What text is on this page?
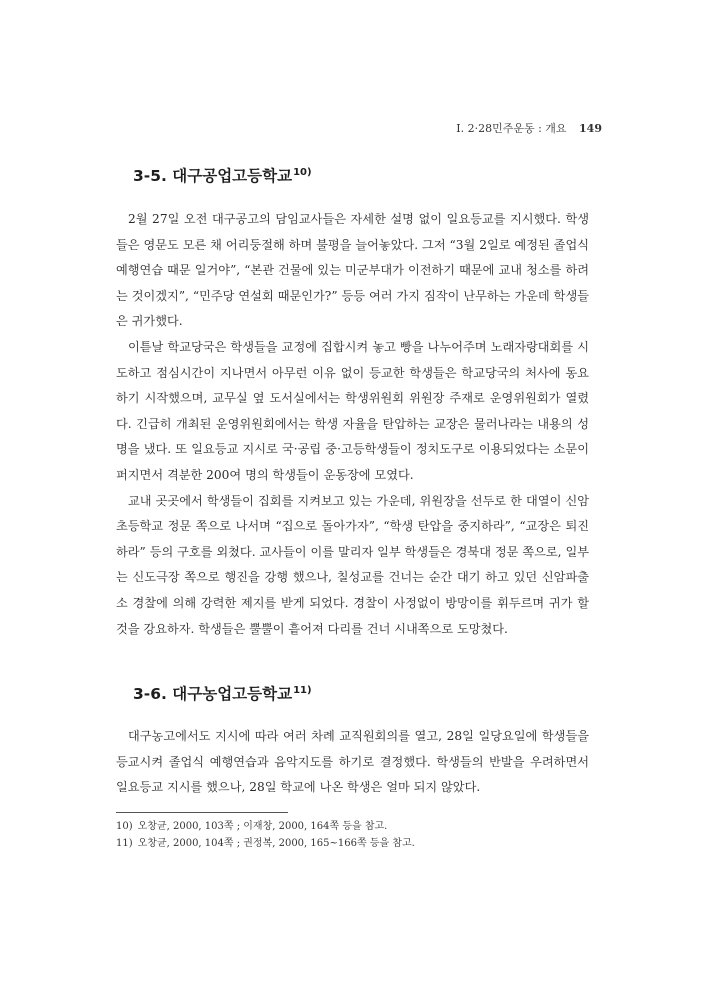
Ⅰ. 2·28민주운동 : 개요 149
3-5. 대구공업고등학교$^{10)}$

2월 27일 오전 대구공고의 담임교사들은 자세한 설명 없이 일요등교를 지시했다. 학생들은 영문도 모른 채 어리둥절해 하며 불평을 늘어놓았다. 그저 “3월 2일로 예정된 졸업식 예행연습 때문 일거야”, “본관 건물에 있는 미군부대가 이전하기 때문에 교내 청소를 하려는 것이겠지”, “민주당 연설회 때문인가?” 등등 여러 가지 짐작이 난무하는 가운데 학생들은 귀가했다.

이튿날 학교당국은 학생들을 교정에 집합시켜 놓고 빵을 나누어주며 노래자랑대회를 시도하고 점심시간이 지나면서 아무런 이유 없이 등교한 학생들은 학교당국의 처사에 동요하기 시작했으며, 교무실 옆 도서실에서는 학생위원회 위원장 주재로 운영위원회가 열렸다. 긴급히 개최된 운영위원회에서는 학생 자율을 탄압하는 교장은 물러나라는 내용의 성명을 냈다. 또 일요등교 지시로 국·공립 중·고등학생들이 정치도구로 이용되었다는 소문이 퍼지면서 격분한 200여 명의 학생들이 운동장에 모였다.

교내 곳곳에서 학생들이 집회를 지켜보고 있는 가운데, 위원장을 선두로 한 대열이 신암초등학교 정문 쪽으로 나서며 “집으로 돌아가자”, “학생 탄압을 중지하라”, “교장은 퇴진하라” 등의 구호를 외쳤다. 교사들이 이를 말리자 일부 학생들은 경북대 정문 쪽으로, 일부는 신도극장 쪽으로 행진을 강행 했으나, 칠성교를 건너는 순간 대기 하고 있던 신암파출소 경찰에 의해 강력한 제지를 받게 되었다. 경찰이 사정없이 방망이를 휘두르며 귀가 할 것을 강요하자. 학생들은 뿔뿔이 흩어져 다리를 건너 시내쪽으로 도망쳤다.

3-6. 대구농업고등학교$^{11)}$

대구농고에서도 지시에 따라 여러 차례 교직원회의를 열고, 28일 일당요일에 학생들을 등교시켜 졸업식 예행연습과 음악지도를 하기로 결정했다. 학생들의 반발을 우려하면서 일요등교 지시를 했으나, 28일 학교에 나온 학생은 얼마 되지 않았다.

10) 오창균, 2000, 103쪽 ; 이재창, 2000, 164쪽 등을 참고.
11) 오창균, 2000, 104쪽 ; 권정복, 2000, 165~166쪽 등을 참고.
